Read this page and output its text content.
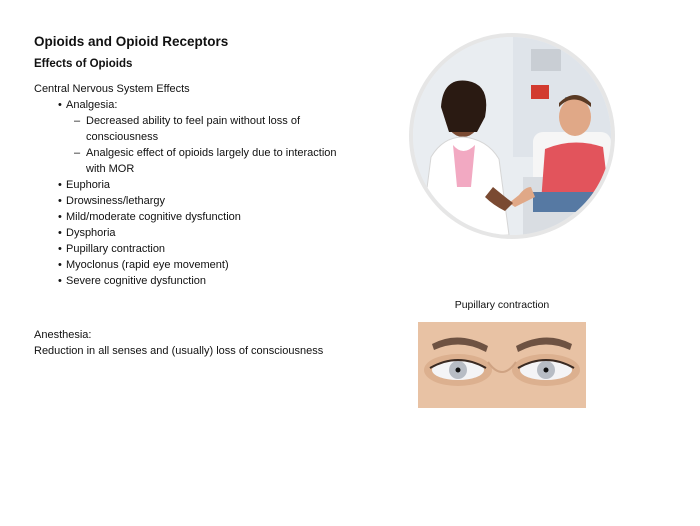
Opioids and Opioid Receptors
Effects of Opioids
Central Nervous System Effects
• Analgesia:
– Decreased ability to feel pain without loss of consciousness
– Analgesic effect of opioids largely due to interaction with MOR
• Euphoria
• Drowsiness/lethargy
• Mild/moderate cognitive dysfunction
• Dysphoria
• Pupillary contraction
• Myoclonus (rapid eye movement)
• Severe cognitive dysfunction
Anesthesia:
Reduction in all senses and (usually) loss of consciousness
Pupillary contraction
